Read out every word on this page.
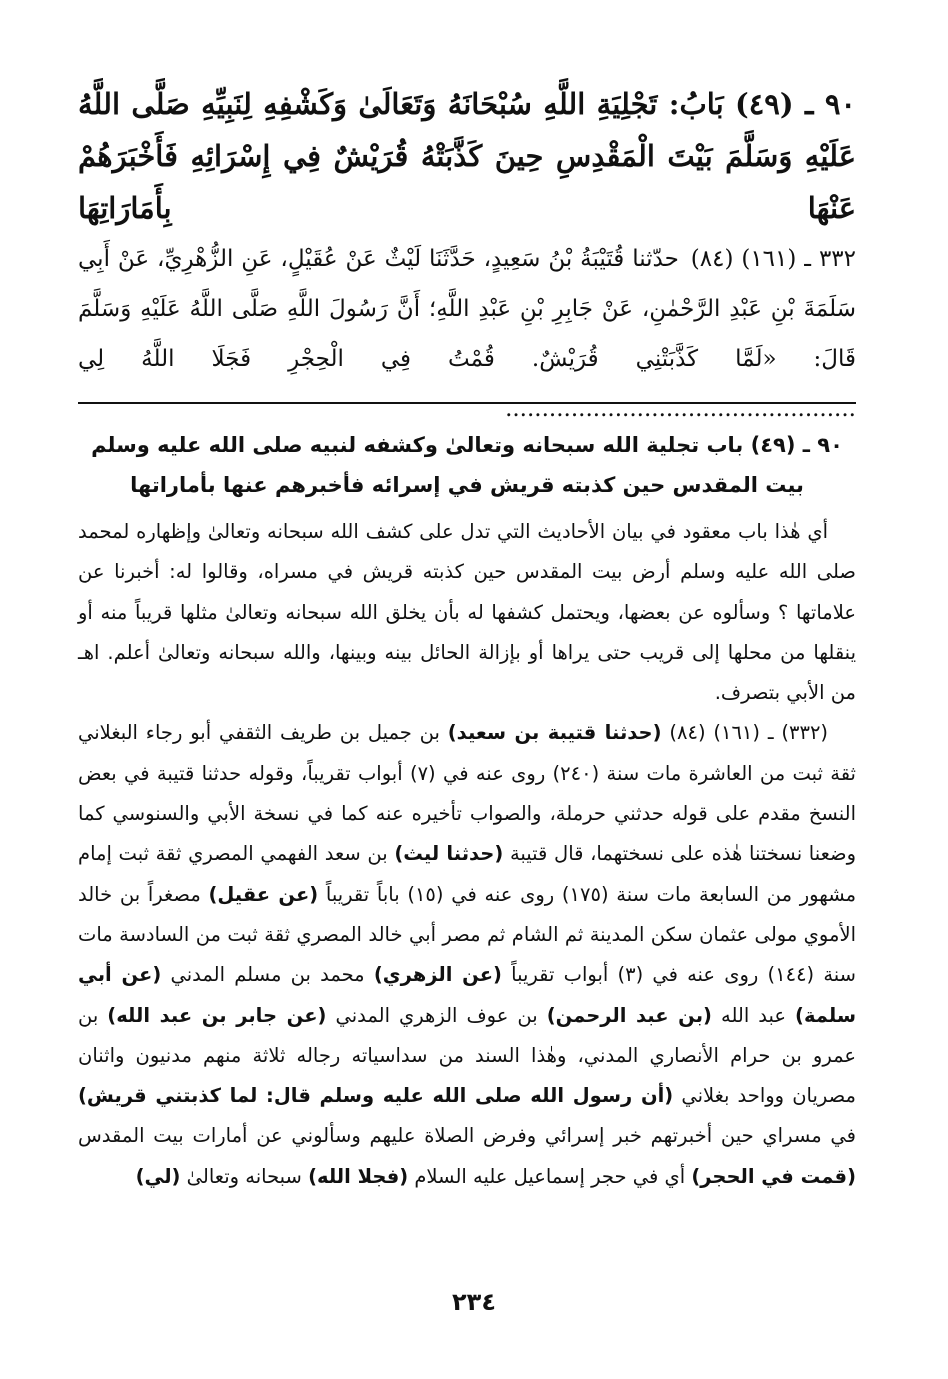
٩٠ ـ (٤٩) بَابُ: تَجْلِيَةِ اللَّهِ سُبْحَانَهُ وَتَعَالَىٰ وَكَشْفِهِ لِنَبِيِّهِ صَلَّى اللَّهُ عَلَيْهِ وَسَلَّمَ بَيْتَ الْمَقْدِسِ حِينَ كَذَّبَتْهُ قُرَيْشٌ فِي إِسْرَائِهِ فَأَخْبَرَهُمْ عَنْهَا بِأَمَارَاتِهَا

٣٣٢ ـ (١٦١) (٨٤) حدّثنا قُتَيْبَةُ بْنُ سَعِيدٍ، حَدَّثَنَا لَيْثٌ عَنْ عُقَيْلٍ، عَنِ الزُّهْرِيِّ، عَنْ أَبِي سَلَمَةَ بْنِ عَبْدِ الرَّحْمٰنِ، عَنْ جَابِرِ بْنِ عَبْدِ اللَّهِ؛ أَنَّ رَسُولَ اللَّهِ صَلَّى اللَّهُ عَلَيْهِ وَسَلَّمَ قَالَ: «لَمَّا كَذَّبَتْنِي قُرَيْشٌ. قُمْتُ فِي الْحِجْرِ فَجَلَا اللَّهُ لِي ................................................

٩٠ ـ (٤٩) باب تجلية الله سبحانه وتعالىٰ وكشفه لنبيه صلى الله عليه وسلم بيت المقدس حين كذبته قريش في إسرائه فأخبرهم عنها بأماراتها

أي هٰذا باب معقود في بيان الأحاديث التي تدل على كشف الله سبحانه وتعالىٰ وإظهاره لمحمد صلى الله عليه وسلم أرض بيت المقدس حين كذبته قريش في مسراه، وقالوا له: أخبرنا عن علاماتها ؟ وسألوه عن بعضها، ويحتمل كشفها له بأن يخلق الله سبحانه وتعالىٰ مثلها قريباً منه أو ينقلها من محلها إلى قريب حتى يراها أو بإزالة الحائل بينه وبينها، والله سبحانه وتعالىٰ أعلم. اهـ من الأبي بتصرف.

(٣٣٢) ـ (١٦١) (٨٤) (حدثنا قتيبة بن سعيد) بن جميل بن طريف الثقفي أبو رجاء البغلاني ثقة ثبت من العاشرة مات سنة (٢٤٠) روى عنه في (٧) أبواب تقريباً، وقوله حدثنا قتيبة في بعض النسخ مقدم على قوله حدثني حرملة، والصواب تأخيره عنه كما في نسخة الأبي والسنوسي كما وضعنا نسختنا هٰذه على نسختهما، قال قتيبة (حدثنا ليث) بن سعد الفهمي المصري ثقة ثبت إمام مشهور من السابعة مات سنة (١٧٥) روى عنه في (١٥) باباً تقريباً (عن عقيل) مصغراً بن خالد الأموي مولى عثمان سكن المدينة ثم الشام ثم مصر أبي خالد المصري ثقة ثبت من السادسة مات سنة (١٤٤) روى عنه في (٣) أبواب تقريباً (عن الزهري) محمد بن مسلم المدني (عن أبي سلمة) عبد الله (بن عبد الرحمن) بن عوف الزهري المدني (عن جابر بن عبد الله) بن عمرو بن حرام الأنصاري المدني، وهٰذا السند من سداسياته رجاله ثلاثة منهم مدنيون واثنان مصريان وواحد بغلاني (أن رسول الله صلى الله عليه وسلم قال: لما كذبتني قريش) في مسراي حين أخبرتهم خبر إسرائي وفرض الصلاة عليهم وسألوني عن أمارات بيت المقدس (قمت في الحجر) أي في حجر إسماعيل عليه السلام (فجلا الله) سبحانه وتعالىٰ (لي)

٢٣٤
